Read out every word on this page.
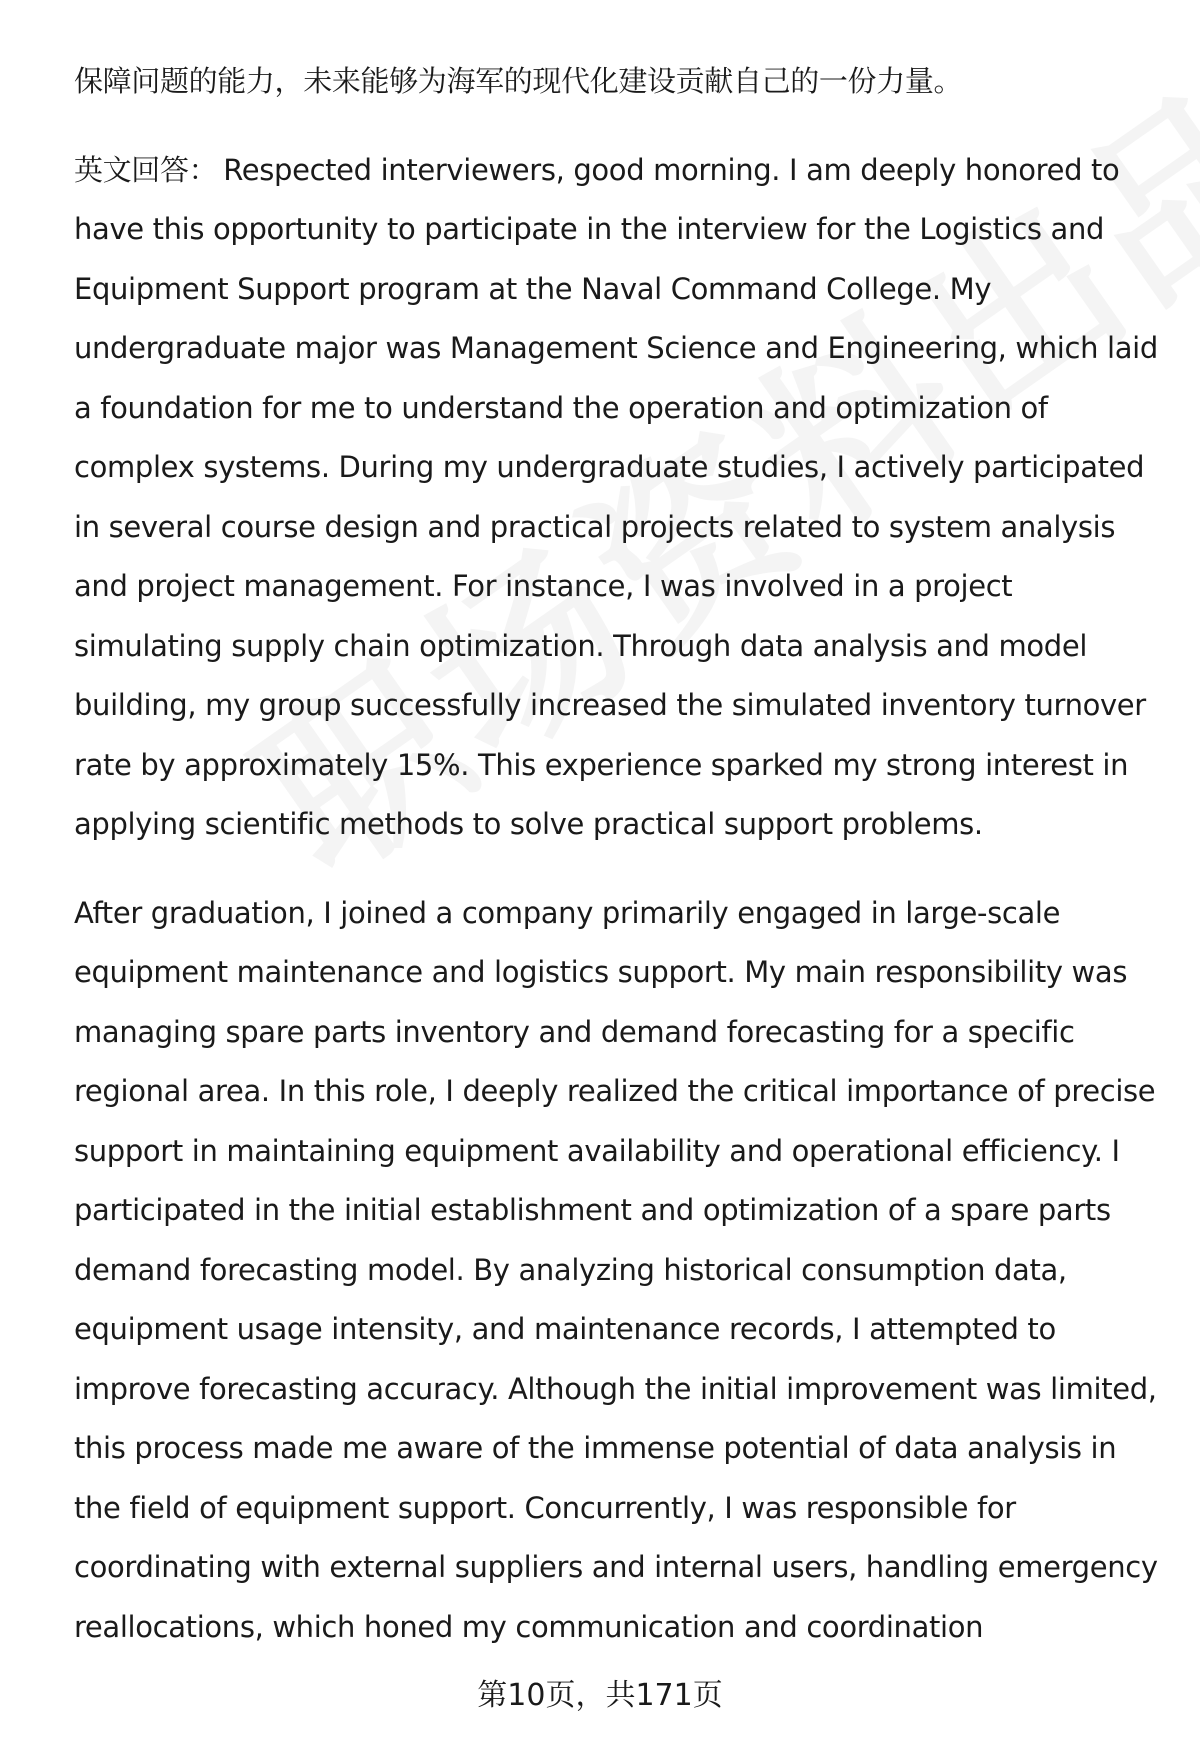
保障问题的能力，未来能够为海军的现代化建设贡献自己的一份力量。

英文回答： Respected interviewers, good morning. I am deeply honored to have this opportunity to participate in the interview for the Logistics and Equipment Support program at the Naval Command College. My undergraduate major was Management Science and Engineering, which laid a foundation for me to understand the operation and optimization of complex systems. During my undergraduate studies, I actively participated in several course design and practical projects related to system analysis and project management. For instance, I was involved in a project simulating supply chain optimization. Through data analysis and model building, my group successfully increased the simulated inventory turnover rate by approximately 15%. This experience sparked my strong interest in applying scientific methods to solve practical support problems.

After graduation, I joined a company primarily engaged in large-scale equipment maintenance and logistics support. My main responsibility was managing spare parts inventory and demand forecasting for a specific regional area. In this role, I deeply realized the critical importance of precise support in maintaining equipment availability and operational efficiency. I participated in the initial establishment and optimization of a spare parts demand forecasting model. By analyzing historical consumption data, equipment usage intensity, and maintenance records, I attempted to improve forecasting accuracy. Although the initial improvement was limited, this process made me aware of the immense potential of data analysis in the field of equipment support. Concurrently, I was responsible for coordinating with external suppliers and internal users, handling emergency reallocations, which honed my communication and coordination

第10页，共171页
